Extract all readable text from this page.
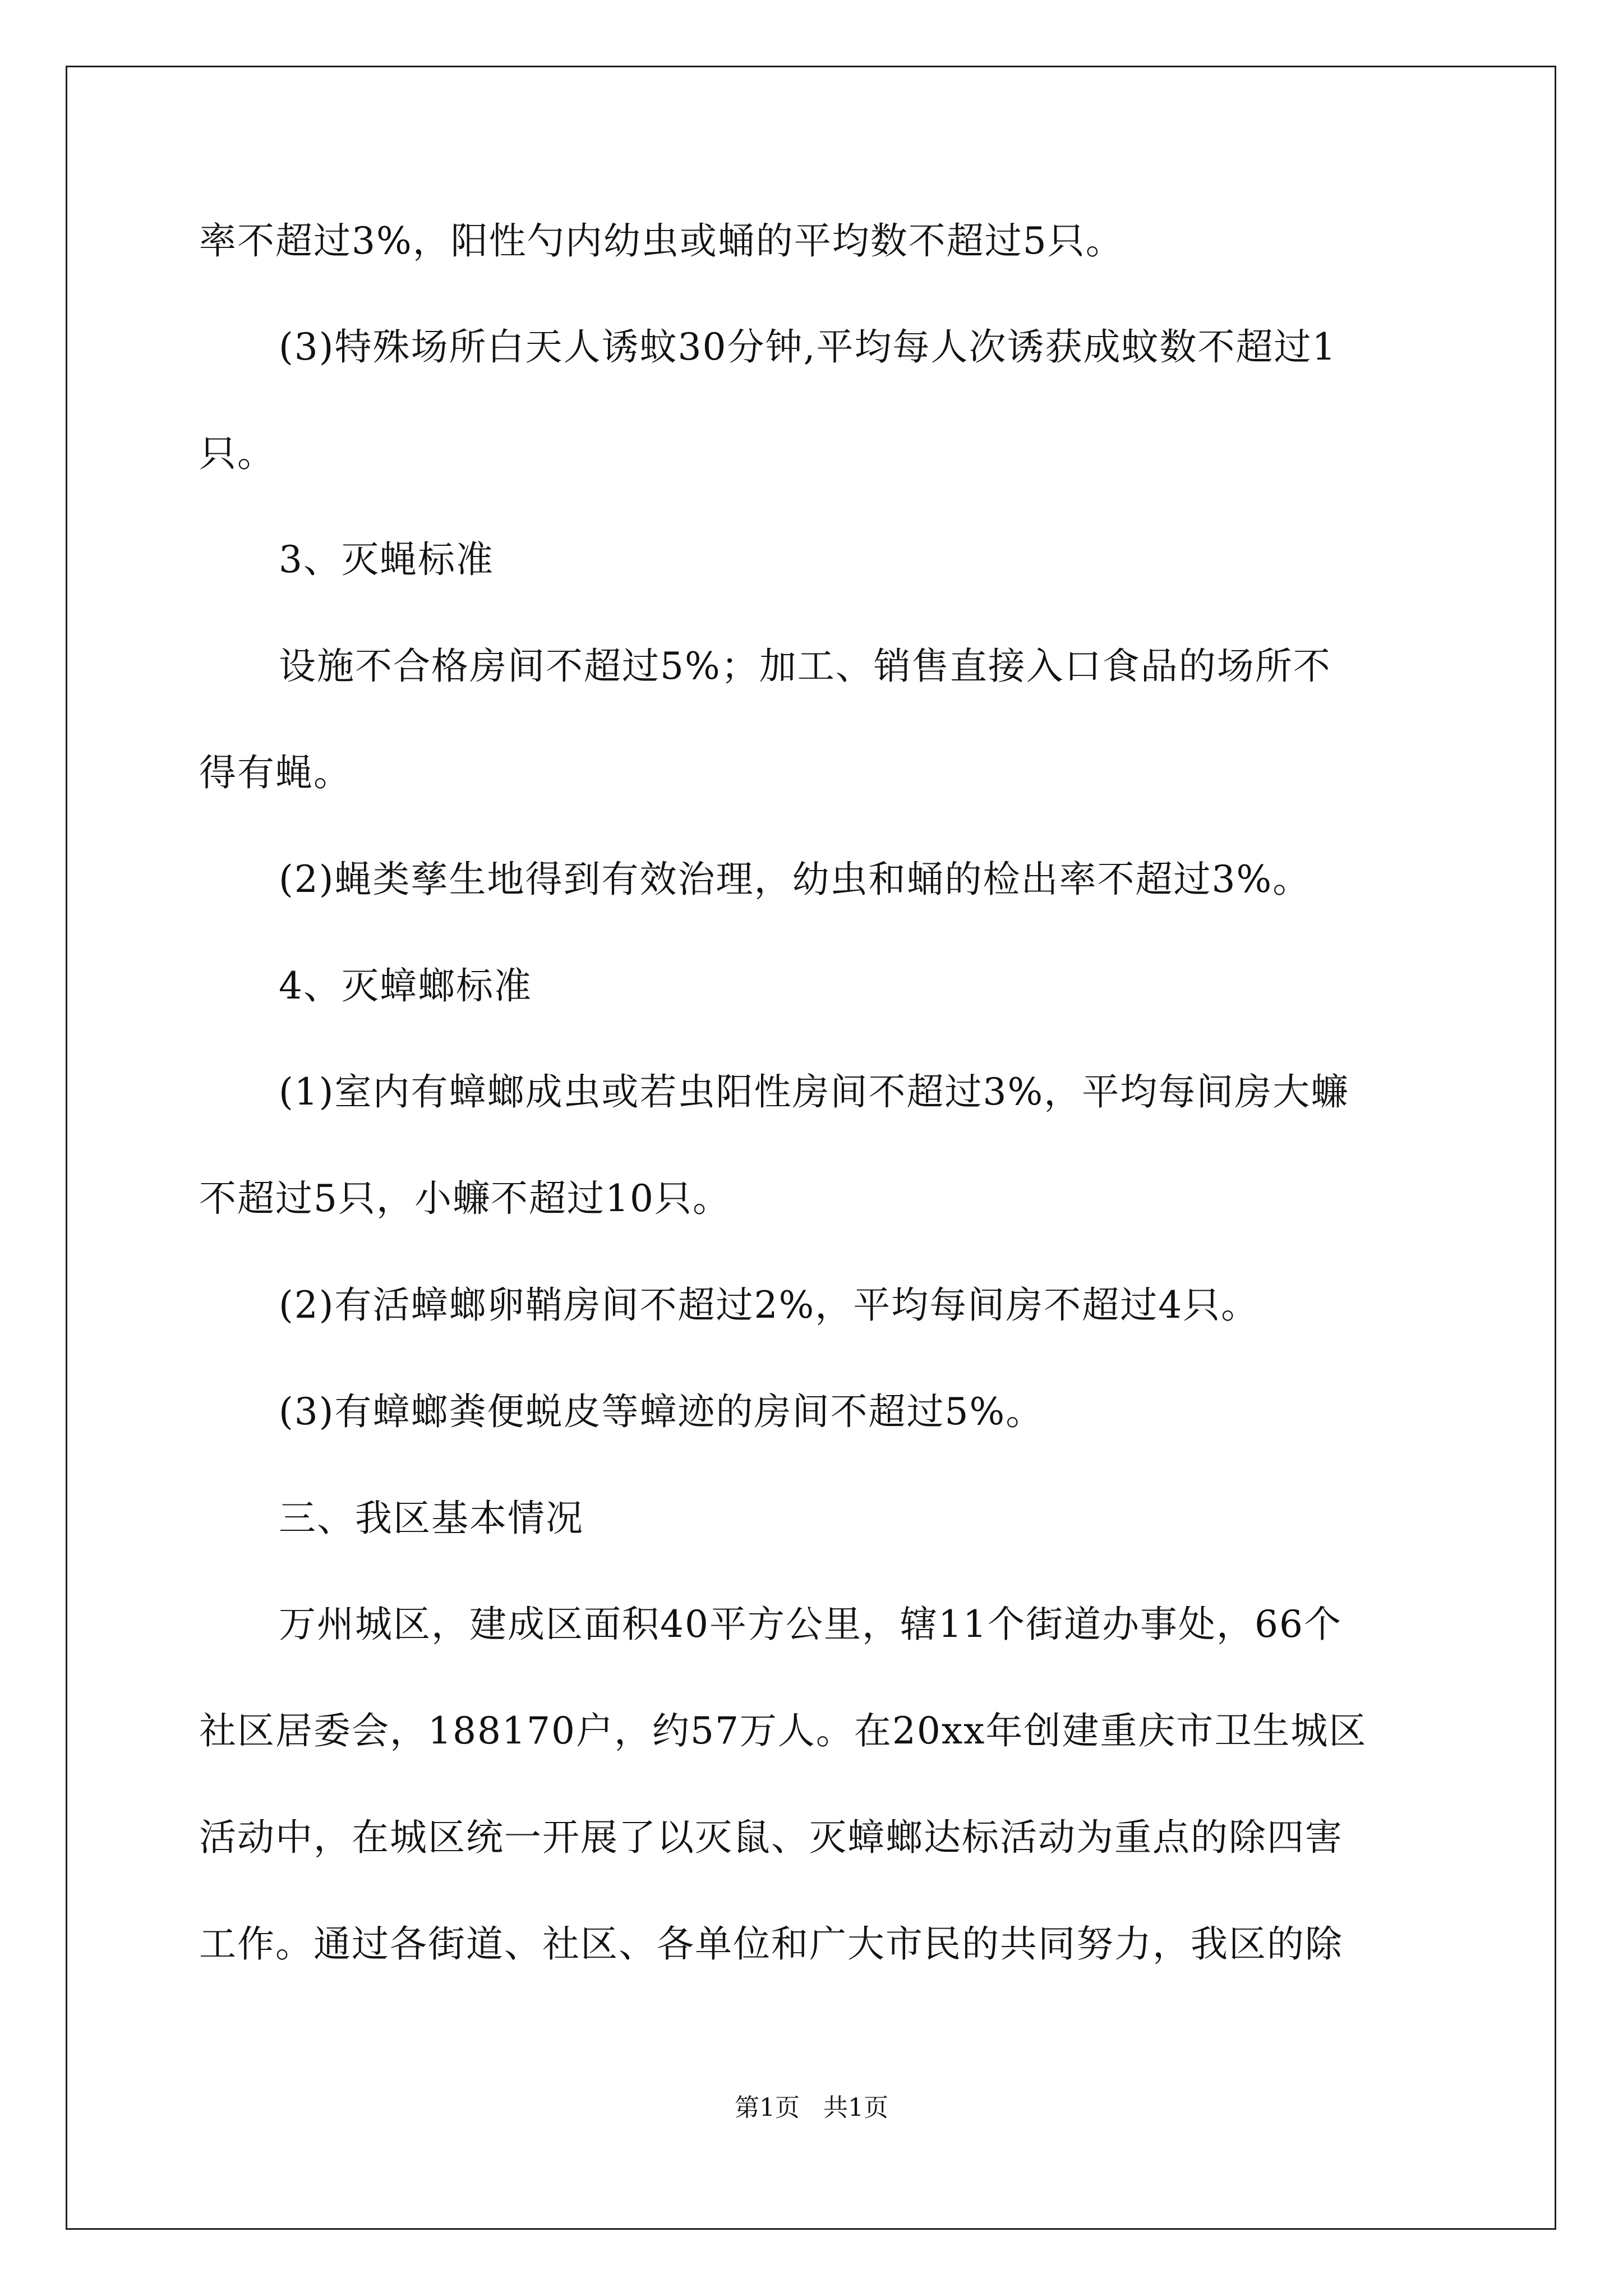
率不超过3%，阳性勺内幼虫或蛹的平均数不超过5只。
(3)特殊场所白天人诱蚊30分钟,平均每人次诱获成蚊数不超过1
只。
3、灭蝇标准
设施不合格房间不超过5%；加工、销售直接入口食品的场所不
得有蝇。
(2)蝇类孳生地得到有效治理，幼虫和蛹的检出率不超过3%。
4、灭蟑螂标准
(1)室内有蟑螂成虫或若虫阳性房间不超过3%，平均每间房大蠊
不超过5只，小蠊不超过10只。
(2)有活蟑螂卵鞘房间不超过2%，平均每间房不超过4只。
(3)有蟑螂粪便蜕皮等蟑迹的房间不超过5%。
三、我区基本情况
万州城区，建成区面积40平方公里，辖11个街道办事处，66个
社区居委会，188170户，约57万人。在20xx年创建重庆市卫生城区
活动中，在城区统一开展了以灭鼠、灭蟑螂达标活动为重点的除四害
工作。通过各街道、社区、各单位和广大市民的共同努力，我区的除
第1页   共1页
